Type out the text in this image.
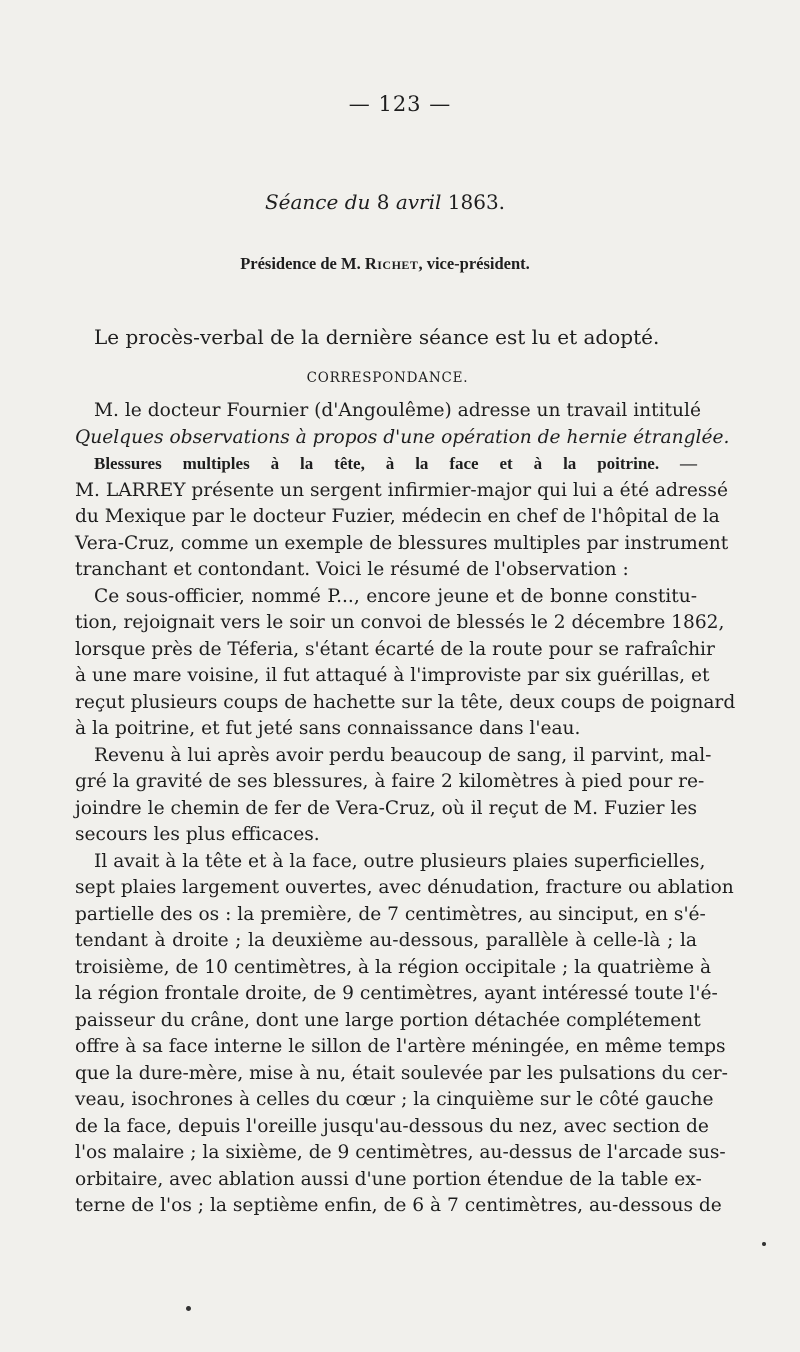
— 123 —
Séance du 8 avril 1863.
Présidence de M. Richet, vice-président.
Le procès-verbal de la dernière séance est lu et adopté.
CORRESPONDANCE.
M. le docteur Fournier (d'Angoulême) adresse un travail intitulé
Quelques observations à propos d'une opération de hernie étranglée.
Blessures multiples à la tête, à la face et à la poitrine. —
M. LARREY présente un sergent infirmier-major qui lui a été adressé
du Mexique par le docteur Fuzier, médecin en chef de l'hôpital de la
Vera-Cruz, comme un exemple de blessures multiples par instrument
tranchant et contondant. Voici le résumé de l'observation :
Ce sous-officier, nommé P..., encore jeune et de bonne constitu-
tion, rejoignait vers le soir un convoi de blessés le 2 décembre 1862,
lorsque près de Téferia, s'étant écarté de la route pour se rafraîchir
à une mare voisine, il fut attaqué à l'improviste par six guérillas, et
reçut plusieurs coups de hachette sur la tête, deux coups de poignard
à la poitrine, et fut jeté sans connaissance dans l'eau.
Revenu à lui après avoir perdu beaucoup de sang, il parvint, mal-
gré la gravité de ses blessures, à faire 2 kilomètres à pied pour re-
joindre le chemin de fer de Vera-Cruz, où il reçut de M. Fuzier les
secours les plus efficaces.
Il avait à la tête et à la face, outre plusieurs plaies superficielles,
sept plaies largement ouvertes, avec dénudation, fracture ou ablation
partielle des os : la première, de 7 centimètres, au sinciput, en s'é-
tendant à droite ; la deuxième au-dessous, parallèle à celle-là ; la
troisième, de 10 centimètres, à la région occipitale ; la quatrième à
la région frontale droite, de 9 centimètres, ayant intéressé toute l'é-
paisseur du crâne, dont une large portion détachée complétement
offre à sa face interne le sillon de l'artère méningée, en même temps
que la dure-mère, mise à nu, était soulevée par les pulsations du cer-
veau, isochrones à celles du cœur ; la cinquième sur le côté gauche
de la face, depuis l'oreille jusqu'au-dessous du nez, avec section de
l'os malaire ; la sixième, de 9 centimètres, au-dessus de l'arcade sus-
orbitaire, avec ablation aussi d'une portion étendue de la table ex-
terne de l'os ; la septième enfin, de 6 à 7 centimètres, au-dessous de
